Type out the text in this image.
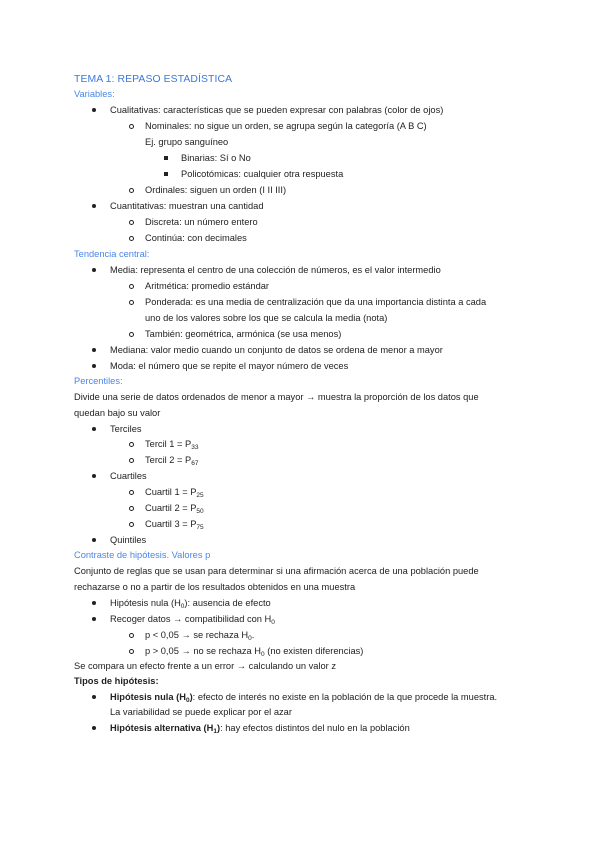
TEMA 1: REPASO ESTADÍSTICA
Variables:
Cualitativas: características que se pueden expresar con palabras (color de ojos)
Nominales: no sigue un orden, se agrupa según la categoría (A B C)
Ej. grupo sanguíneo
Binarias: Sí o No
Policotómicas: cualquier otra respuesta
Ordinales: siguen un orden (I II III)
Cuantitativas: muestran una cantidad
Discreta: un número entero
Continúa: con decimales
Tendencia central:
Media: representa el centro de una colección de números, es el valor intermedio
Aritmética: promedio estándar
Ponderada: es una media de centralización que da una importancia distinta a cada
uno de los valores sobre los que se calcula la media (nota)
También: geométrica, armónica (se usa menos)
Mediana: valor medio cuando un conjunto de datos se ordena de menor a mayor
Moda: el número que se repite el mayor número de veces
Percentiles:
Divide una serie de datos ordenados de menor a mayor → muestra la proporción de los datos que
quedan bajo su valor
Terciles
Tercil $1 = P_{33}$
Tercil $2 = P_{67}$
Cuartiles
Cuartil $1 = P_{25}$
Cuartil $2 = P_{50}$
Cuartil $3 = P_{75}$
Quintiles
Contraste de hipótesis. Valores p
Conjunto de reglas que se usan para determinar si una afirmación acerca de una población puede
rechazarse o no a partir de los resultados obtenidos en una muestra
Hipótesis nula $(H_0)$: ausencia de efecto
Recoger datos → compatibilidad con $H_0$
p < 0,05 → se rechaza $H_0$.
p > 0,05 → no se rechaza $H_0$ (no existen diferencias)
Se compara un efecto frente a un error → calculando un valor z
Tipos de hipótesis:
Hipótesis nula $(H_0)$: efecto de interés no existe en la población de la que procede la muestra.
La variabilidad se puede explicar por el azar
Hipótesis alternativa $(H_1)$: hay efectos distintos del nulo en la población
